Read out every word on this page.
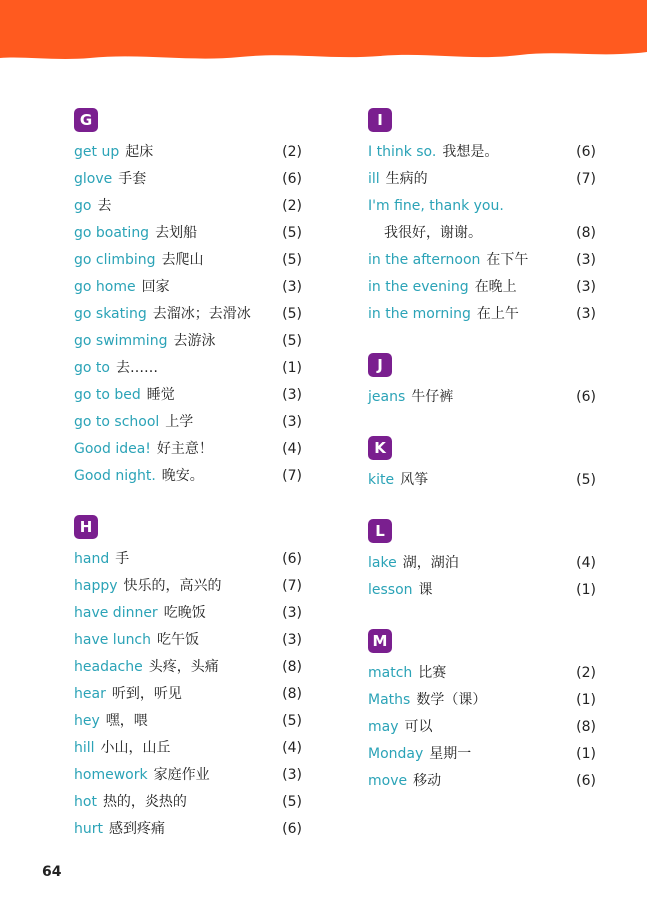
G
get up 起床	(2)
glove 手套	(6)
go 去	(2)
go boating 去划船	(5)
go climbing 去爬山	(5)
go home 回家	(3)
go skating 去溜冰；去滑冰 (5)
go swimming 去游泳	(5)
go to 去……	(1)
go to bed 睡觉	(3)
go to school 上学	(3)
Good idea! 好主意！	(4)
Good night. 晚安。	(7)
H
hand 手	(6)
happy 快乐的，高兴的	(7)
have dinner 吃晚饭	(3)
have lunch 吃午饭	(3)
headache 头疼，头痛	(8)
hear 听到，听见	(8)
hey 嘿，喂	(5)
hill 小山，山丘	(4)
homework 家庭作业	(3)
hot 热的，炎热的	(5)
hurt 感到疼痛	(6)
I
I think so. 我想是。	(6)
ill 生病的	(7)
I'm fine, thank you.
我很好，谢谢。	(8)
in the afternoon 在下午	(3)
in the evening 在晚上	(3)
in the morning 在上午	(3)
J
jeans 牛仔裤	(6)
K
kite 风筝	(5)
L
lake 湖，湖泊	(4)
lesson 课	(1)
M
match 比赛	(2)
Maths 数学（课）	(1)
may 可以	(8)
Monday 星期一	(1)
move 移动	(6)
64
